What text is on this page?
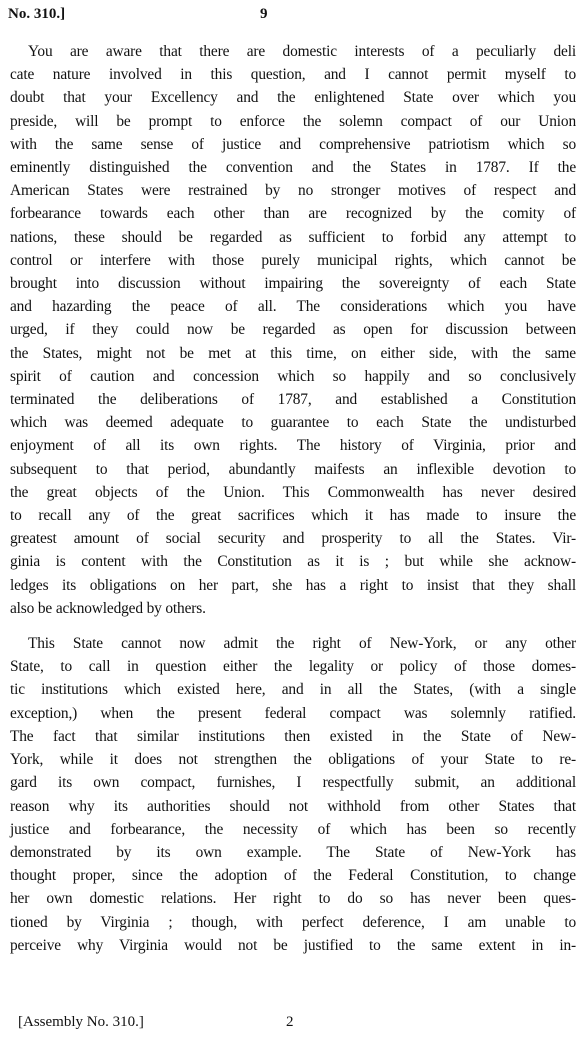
No. 310.]	9

You are aware that there are domestic interests of a peculiarly deli
cate nature involved in this question, and I cannot permit myself to
doubt that your Excellency and the enlightened State over which you
preside, will be prompt to enforce the solemn compact of our Union
with the same sense of justice and comprehensive patriotism which so
eminently distinguished the convention and the States in 1787. If the
American States were restrained by no stronger motives of respect and
forbearance towards each other than are recognized by the comity of
nations, these should be regarded as sufficient to forbid any attempt to
control or interfere with those purely municipal rights, which cannot be
brought into discussion without impairing the sovereignty of each State
and hazarding the peace of all. The considerations which you have
urged, if they could now be regarded as open for discussion between
the States, might not be met at this time, on either side, with the same
spirit of caution and concession which so happily and so conclusively
terminated the deliberations of 1787, and established a Constitution
which was deemed adequate to guarantee to each State the undisturbed
enjoyment of all its own rights. The history of Virginia, prior and
subsequent to that period, abundantly maifests an inflexible devotion to
the great objects of the Union. This Commonwealth has never desired
to recall any of the great sacrifices which it has made to insure the
greatest amount of social security and prosperity to all the States. Vir-
ginia is content with the Constitution as it is ; but while she acknow-
ledges its obligations on her part, she has a right to insist that they shall
also be acknowledged by others.

This State cannot now admit the right of New-York, or any other
State, to call in question either the legality or policy of those domes-
tic institutions which existed here, and in all the States, (with a single
exception,) when the present federal compact was solemnly ratified.
The fact that similar institutions then existed in the State of New-
York, while it does not strengthen the obligations of your State to re-
gard its own compact, furnishes, I respectfully submit, an additional
reason why its authorities should not withhold from other States that
justice and forbearance, the necessity of which has been so recently
demonstrated by its own example. The State of New-York has
thought proper, since the adoption of the Federal Constitution, to change
her own domestic relations. Her right to do so has never been ques-
tioned by Virginia ; though, with perfect deference, I am unable to
perceive why Virginia would not be justified to the same extent in in-

[Assembly No. 310.]	2
